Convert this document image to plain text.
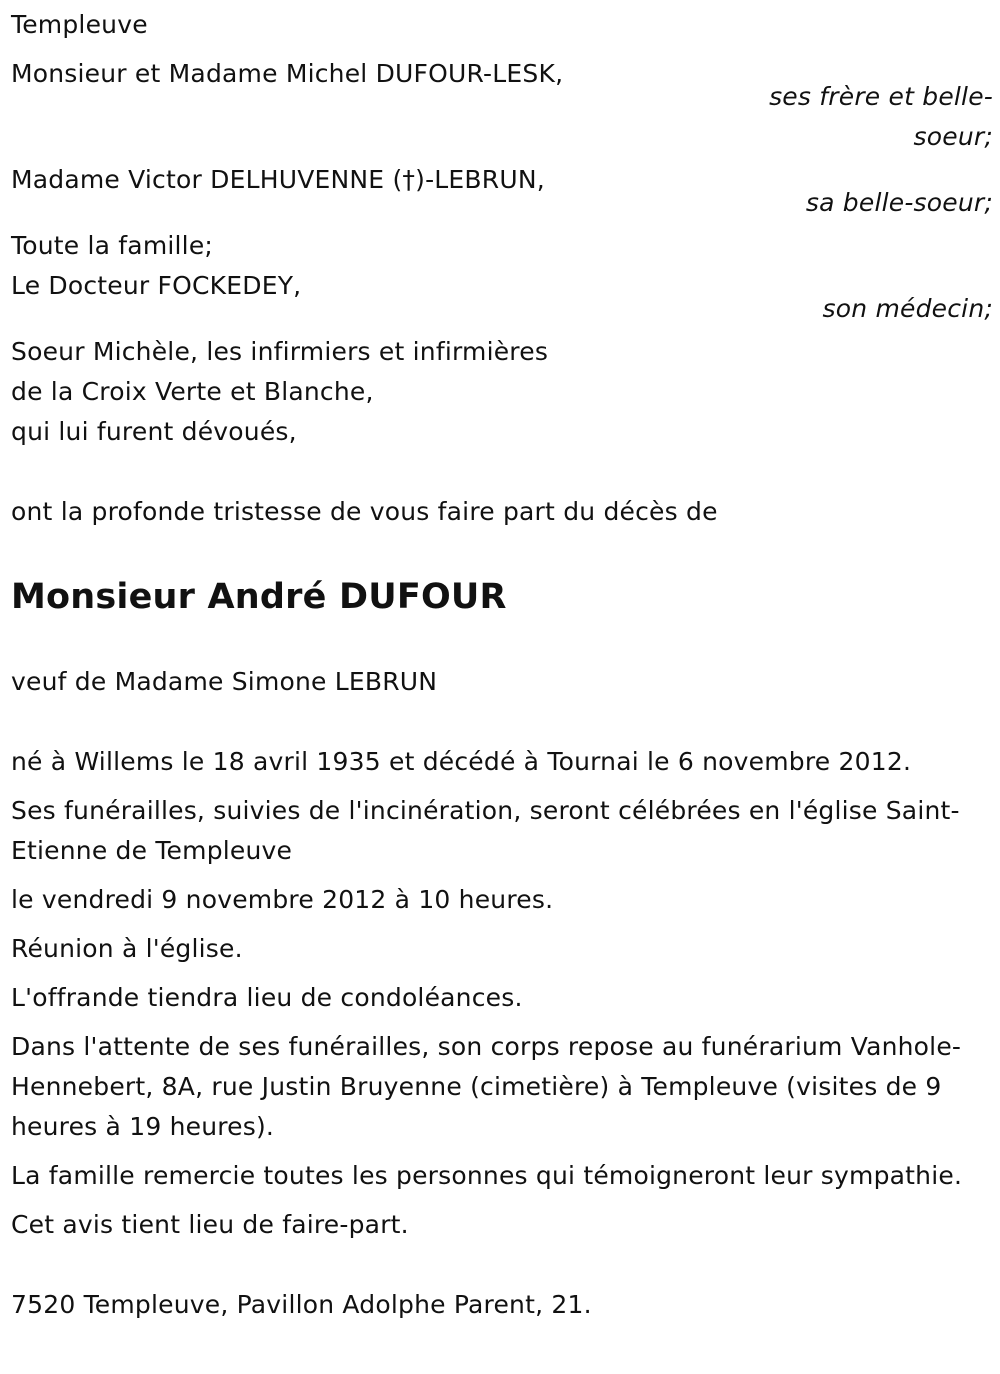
Templeuve
Monsieur et Madame Michel DUFOUR-LESK,
ses frère et belle-
soeur;
Madame Victor DELHUVENNE (†)-LEBRUN,
sa belle-soeur;
Toute la famille;
Le Docteur FOCKEDEY,
son médecin;
Soeur Michèle, les infirmiers et infirmières
de la Croix Verte et Blanche,
qui lui furent dévoués,
ont la profonde tristesse de vous faire part du décès de
Monsieur André DUFOUR
veuf de Madame Simone LEBRUN
né à Willems le 18 avril 1935 et décédé à Tournai le 6 novembre 2012.
Ses funérailles, suivies de l'incinération, seront célébrées en l'église Saint-Etienne de Templeuve
le vendredi 9 novembre 2012 à 10 heures.
Réunion à l'église.
L'offrande tiendra lieu de condoléances.
Dans l'attente de ses funérailles, son corps repose au funérarium Vanhole-Hennebert, 8A, rue Justin Bruyenne (cimetière) à Templeuve (visites de 9 heures à 19 heures).
La famille remercie toutes les personnes qui témoigneront leur sympathie.
Cet avis tient lieu de faire-part.
7520 Templeuve, Pavillon Adolphe Parent, 21.
